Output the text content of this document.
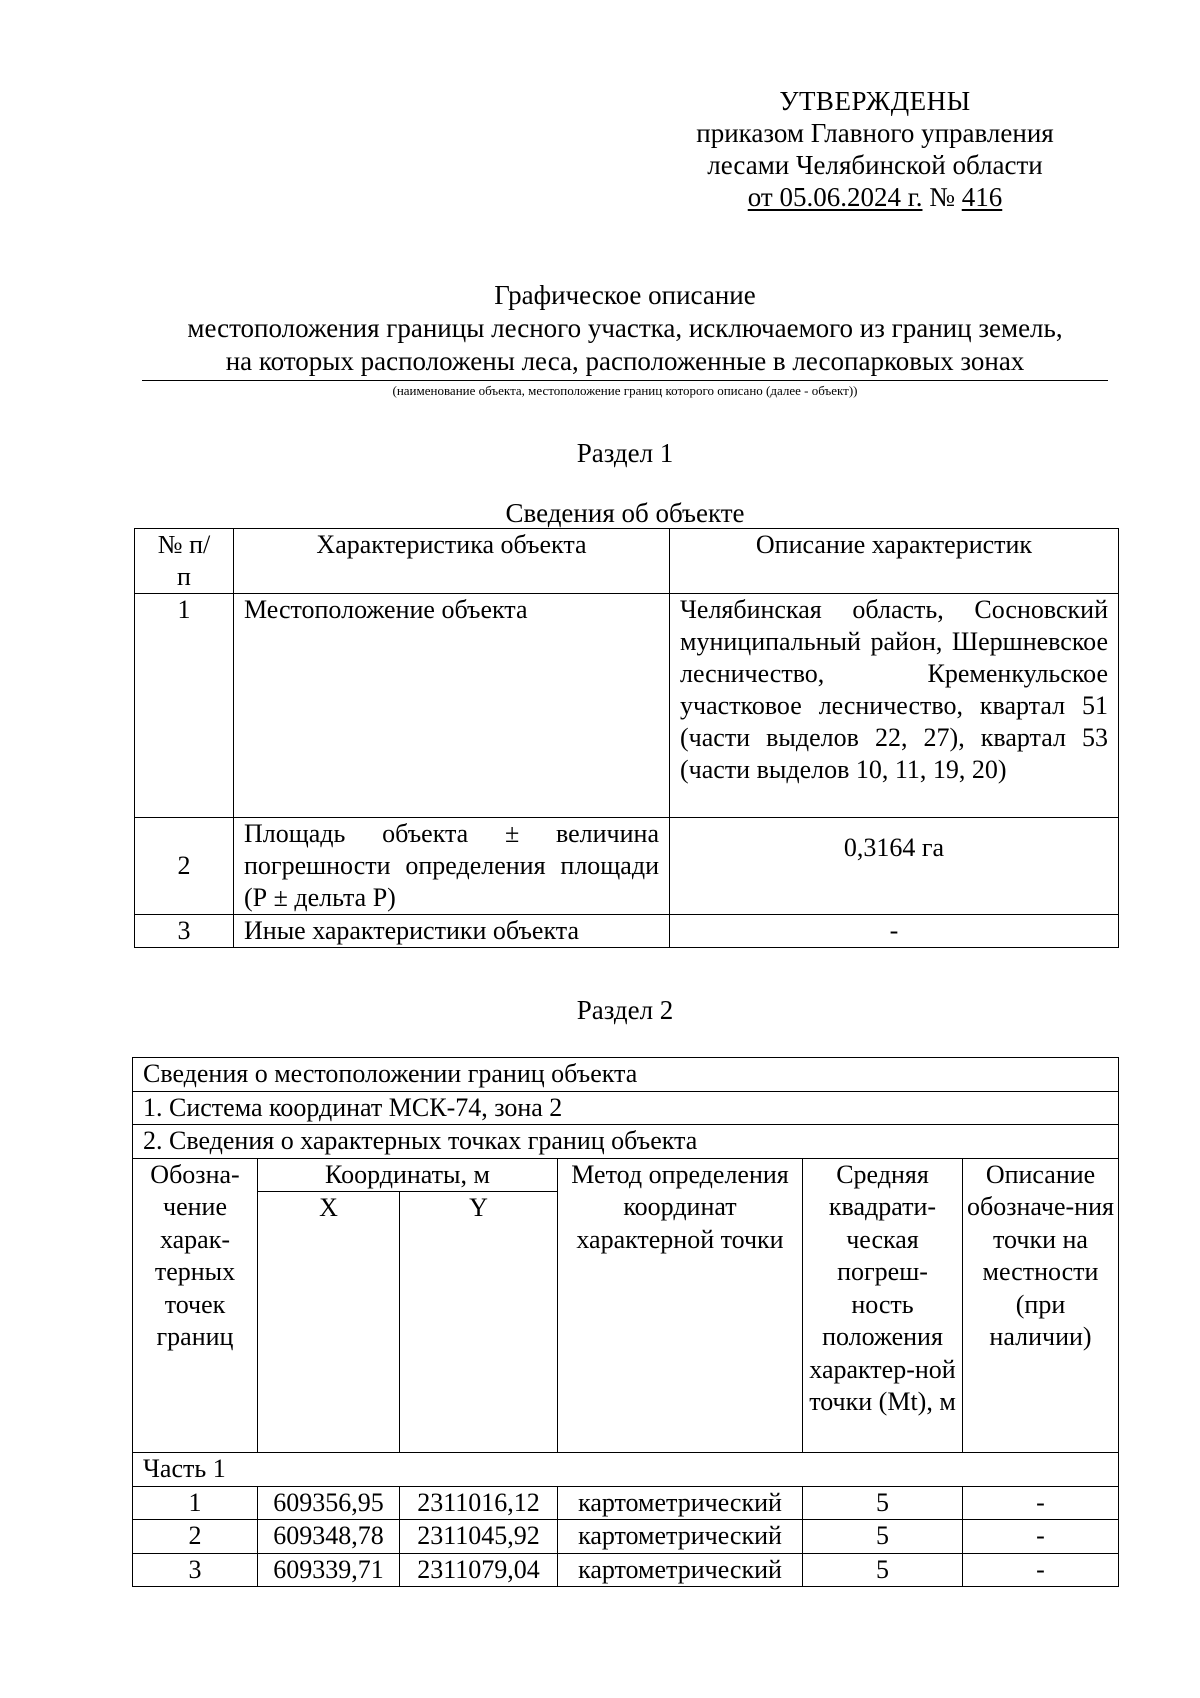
УТВЕРЖДЕНЫ
приказом Главного управления
лесами Челябинской области
от 05.06.2024 г. № 416
Графическое описание
местоположения границы лесного участка, исключаемого из границ земель,
на которых расположены леса, расположенные в лесопарковых зонах
(наименование объекта, местоположение границ которого описано (далее - объект))
Раздел 1
Сведения об объекте
№ п/п	Характеристика объекта	Описание характеристик
1	Местоположение объекта	Челябинская область, Сосновский муниципальный район, Шершневское лесничество, Кременкульское участковое лесничество, квартал 51 (части выделов 22, 27), квартал 53 (части выделов 10, 11, 19, 20)
2	Площадь объекта ± величина погрешности определения площади (Р ± дельта Р)	0,3164 га
3	Иные характеристики объекта	-
Раздел 2
Сведения о местоположении границ объекта					
1. Система координат МСК-74, зона 2					
2. Сведения о характерных точках границ объекта					
Обозна-чение харак-терных точек границ	Координаты, м		Метод определения координат характерной точки	Средняя квадрати-ческая погреш-ность положения характер-ной точки (Mt), м	Описание обозначе-ния точки на местности (при наличии)
	X	Y			
Часть 1					
1	609356,95	2311016,12	картометрический	5	-
2	609348,78	2311045,92	картометрический	5	-
3	609339,71	2311079,04	картометрический	5	-
